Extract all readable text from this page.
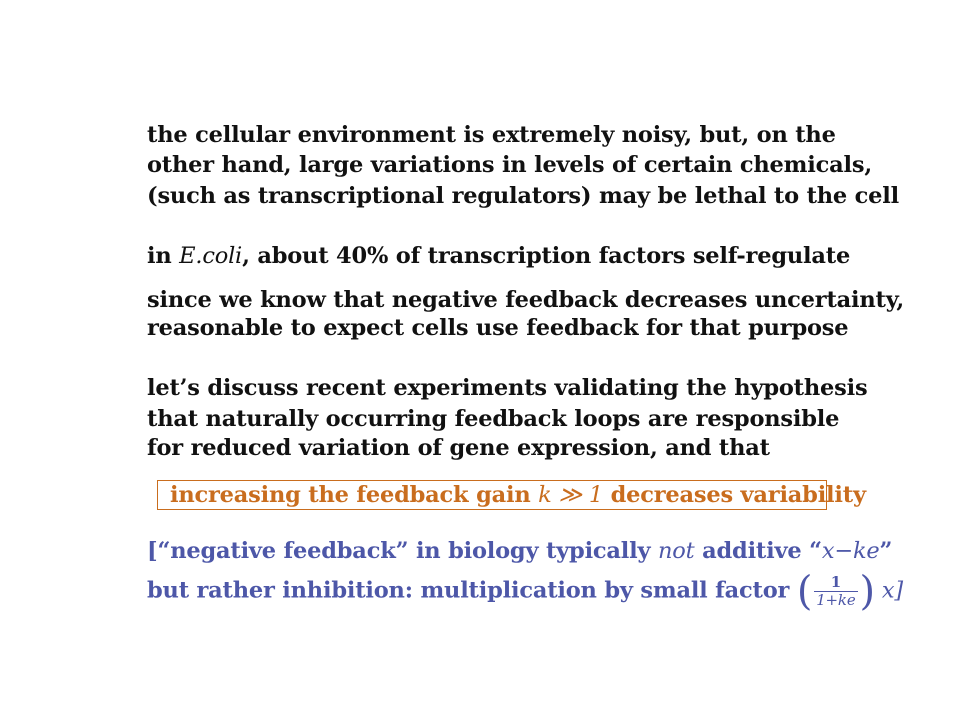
the cellular environment is extremely noisy, but, on the
other hand, large variations in levels of certain chemicals,
(such as transcriptional regulators) may be lethal to the cell
in E.coli, about 40% of transcription factors self-regulate
since we know that negative feedback decreases uncertainty,
reasonable to expect cells use feedback for that purpose
let’s discuss recent experiments validating the hypothesis
that naturally occurring feedback loops are responsible
for reduced variation of gene expression, and that
increasing the feedback gain k ≫ 1 decreases variability
[“negative feedback” in biology typically not additive “x−ke”
but rather inhibition: multiplication by small factor ( $\frac{1}{1+ke}$ ) x]
